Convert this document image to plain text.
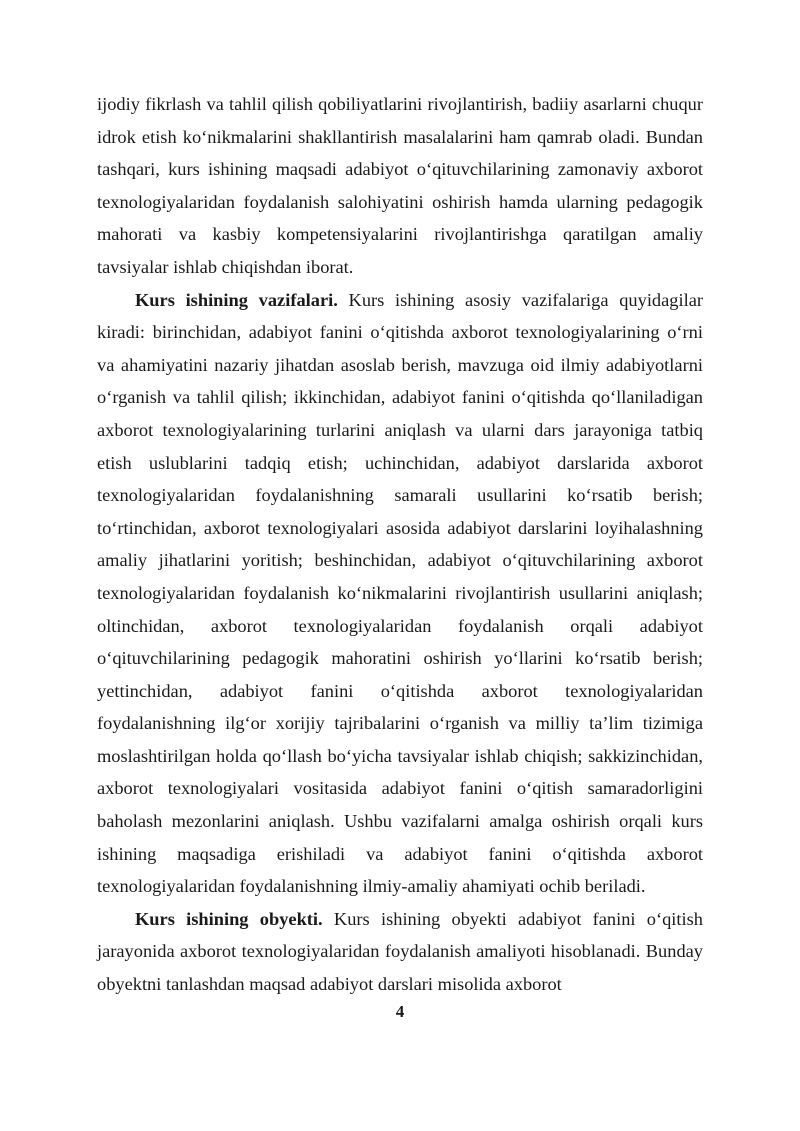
ijodiy fikrlash va tahlil qilish qobiliyatlarini rivojlantirish, badiiy asarlarni chuqur idrok etish ko‘nikmalarini shakllantirish masalalarini ham qamrab oladi. Bundan tashqari, kurs ishining maqsadi adabiyot o‘qituvchilarining zamonaviy axborot texnologiyalaridan foydalanish salohiyatini oshirish hamda ularning pedagogik mahorati va kasbiy kompetensiyalarini rivojlantirishga qaratilgan amaliy tavsiyalar ishlab chiqishdan iborat.

Kurs ishining vazifalari. Kurs ishining asosiy vazifalariga quyidagilar kiradi: birinchidan, adabiyot fanini o‘qitishda axborot texnologiyalarining o‘rni va ahamiyatini nazariy jihatdan asoslab berish, mavzuga oid ilmiy adabiyotlarni o‘rganish va tahlil qilish; ikkinchidan, adabiyot fanini o‘qitishda qo‘llaniladigan axborot texnologiyalarining turlarini aniqlash va ularni dars jarayoniga tatbiq etish uslublarini tadqiq etish; uchinchidan, adabiyot darslarida axborot texnologiyalaridan foydalanishning samarali usullarini ko‘rsatib berish; to‘rtinchidan, axborot texnologiyalari asosida adabiyot darslarini loyihalashning amaliy jihatlarini yoritish; beshinchidan, adabiyot o‘qituvchilarining axborot texnologiyalaridan foydalanish ko‘nikmalarini rivojlantirish usullarini aniqlash; oltinchidan, axborot texnologiyalaridan foydalanish orqali adabiyot o‘qituvchilarining pedagogik mahoratini oshirish yo‘llarini ko‘rsatib berish; yettinchidan, adabiyot fanini o‘qitishda axborot texnologiyalaridan foydalanishning ilg‘or xorijiy tajribalarini o‘rganish va milliy ta’lim tizimiga moslashtirilgan holda qo‘llash bo‘yicha tavsiyalar ishlab chiqish; sakkizinchidan, axborot texnologiyalari vositasida adabiyot fanini o‘qitish samaradorligini baholash mezonlarini aniqlash. Ushbu vazifalarni amalga oshirish orqali kurs ishining maqsadiga erishiladi va adabiyot fanini o‘qitishda axborot texnologiyalaridan foydalanishning ilmiy-amaliy ahamiyati ochib beriladi.

Kurs ishining obyekti. Kurs ishining obyekti adabiyot fanini o‘qitish jarayonida axborot texnologiyalaridan foydalanish amaliyoti hisoblanadi. Bunday obyektni tanlashdan maqsad adabiyot darslari misolida axborot

4
